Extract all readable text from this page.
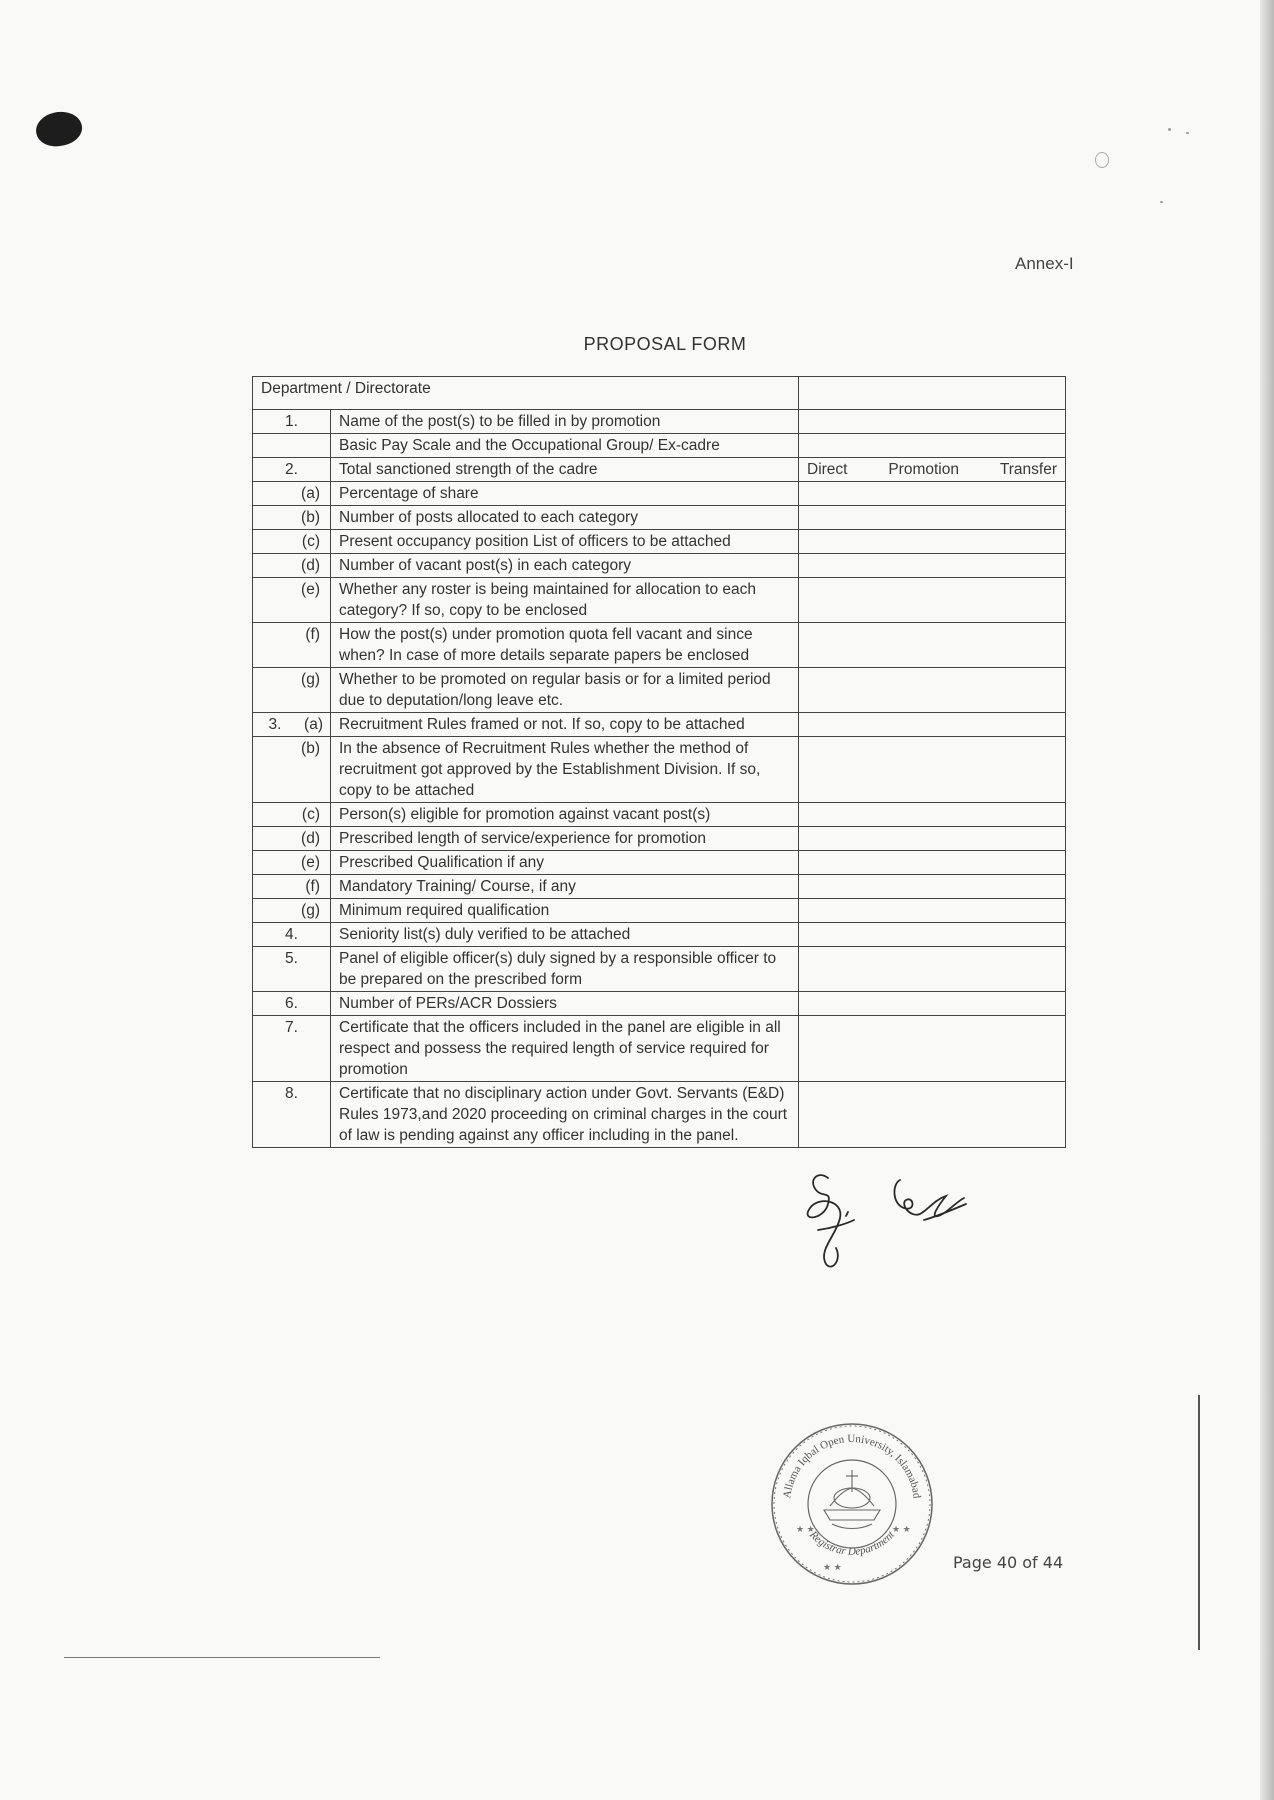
Annex-I
PROPOSAL FORM
Department / Directorate		
1.	Name of the post(s) to be filled in by promotion	
	Basic Pay Scale and the Occupational Group/ Ex-cadre	
2.	Total sanctioned strength of the cadre	Direct Promotion Transfer

(a)	Percentage of share	
(b)	Number of posts allocated to each category	
(c)	Present occupancy position List of officers to be attached	
(d)	Number of vacant post(s) in each category	
(e)	Whether any roster is being maintained for allocation to each category? If so, copy to be enclosed	
(f)	How the post(s) under promotion quota fell vacant and since when? In case of more details separate papers be enclosed	
(g)	Whether to be promoted on regular basis or for a limited period due to deputation/long leave etc.	
3. (a)	Recruitment Rules framed or not. If so, copy to be attached	
(b)	In the absence of Recruitment Rules whether the method of recruitment got approved by the Establishment Division. If so, copy to be attached	
(c)	Person(s) eligible for promotion against vacant post(s)	
(d)	Prescribed length of service/experience for promotion	
(e)	Prescribed Qualification if any	
(f)	Mandatory Training/ Course, if any	
(g)	Minimum required qualification	
4.	Seniority list(s) duly verified to be attached	
5.	Panel of eligible officer(s) duly signed by a responsible officer to be prepared on the prescribed form	
6.	Number of PERs/ACR Dossiers	
7.	Certificate that the officers included in the panel are eligible in all respect and possess the required length of service required for promotion	
8.	Certificate that no disciplinary action under Govt. Servants (E&D) Rules 1973,and 2020 proceeding on criminal charges in the court of law is pending against any officer including in the panel.	
Allama Iqbal Open University, Islamabad
Registrar Department
★ ★
★ ★	★ ★
Page 40 of 44
